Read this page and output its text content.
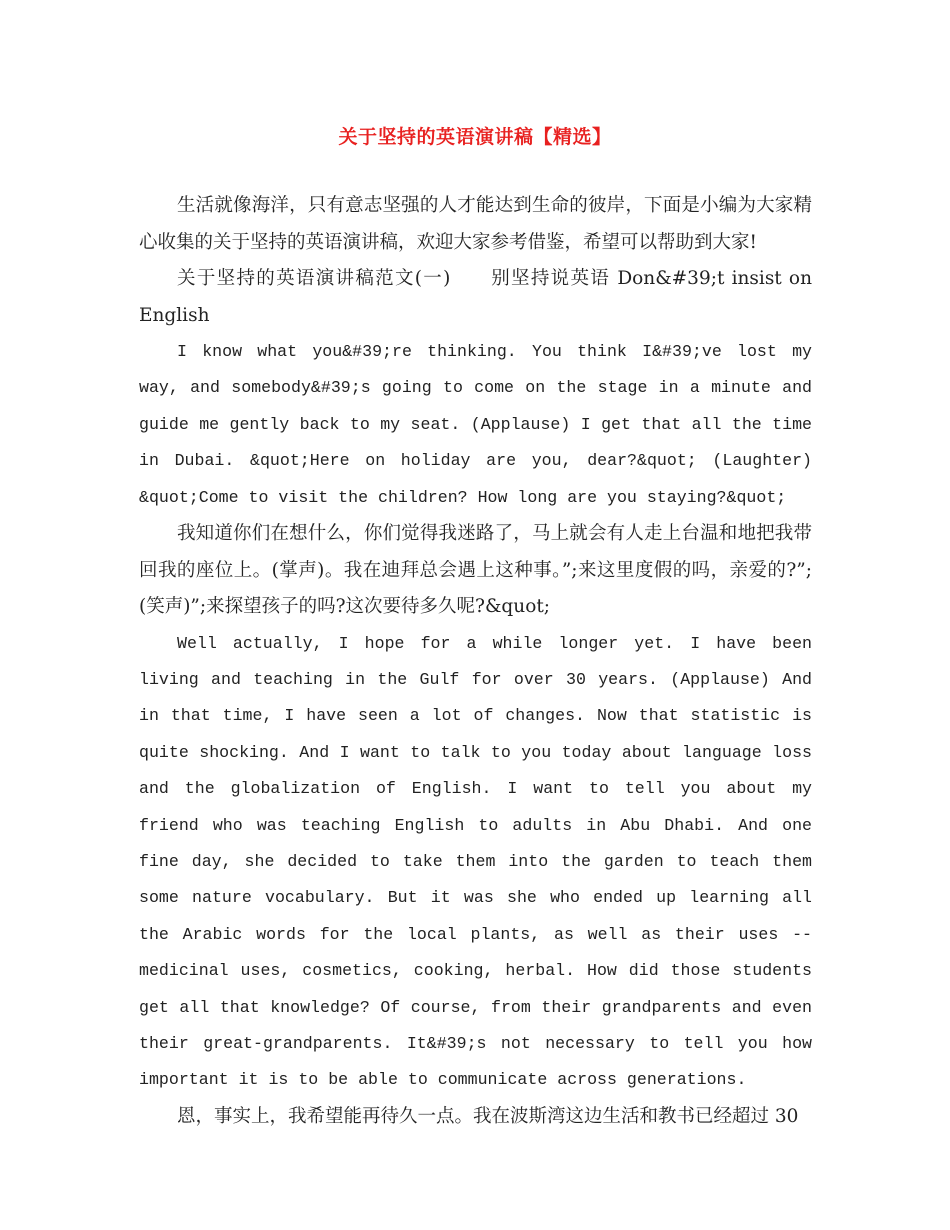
关于坚持的英语演讲稿【精选】

生活就像海洋，只有意志坚强的人才能达到生命的彼岸，下面是小编为大家精心收集的关于坚持的英语演讲稿，欢迎大家参考借鉴，希望可以帮助到大家!

关于坚持的英语演讲稿范文(一)　　别坚持说英语 Don&#39;t insist on English

I know what you&#39;re thinking. You think I&#39;ve lost my way, and somebody&#39;s going to come on the stage in a minute and guide me gently back to my seat. (Applause) I get that all the time in Dubai. &quot;Here on holiday are you, dear?&quot; (Laughter) &quot;Come to visit the children? How long are you staying?&quot;

我知道你们在想什么，你们觉得我迷路了，马上就会有人走上台温和地把我带回我的座位上。(掌声)。我在迪拜总会遇上这种事。”;来这里度假的吗，亲爱的?”;(笑声)”;来探望孩子的吗?这次要待多久呢?&quot;

Well actually, I hope for a while longer yet. I have been living and teaching in the Gulf for over 30 years. (Applause) And in that time, I have seen a lot of changes. Now that statistic is quite shocking. And I want to talk to you today about language loss and the globalization of English. I want to tell you about my friend who was teaching English to adults in Abu Dhabi. And one fine day, she decided to take them into the garden to teach them some nature vocabulary. But it was she who ended up learning all the Arabic words for the local plants, as well as their uses -- medicinal uses, cosmetics, cooking, herbal. How did those students get all that knowledge? Of course, from their grandparents and even their great-grandparents. It&#39;s not necessary to tell you how important it is to be able to communicate across generations.

恩，事实上，我希望能再待久一点。我在波斯湾这边生活和教书已经超过 30
